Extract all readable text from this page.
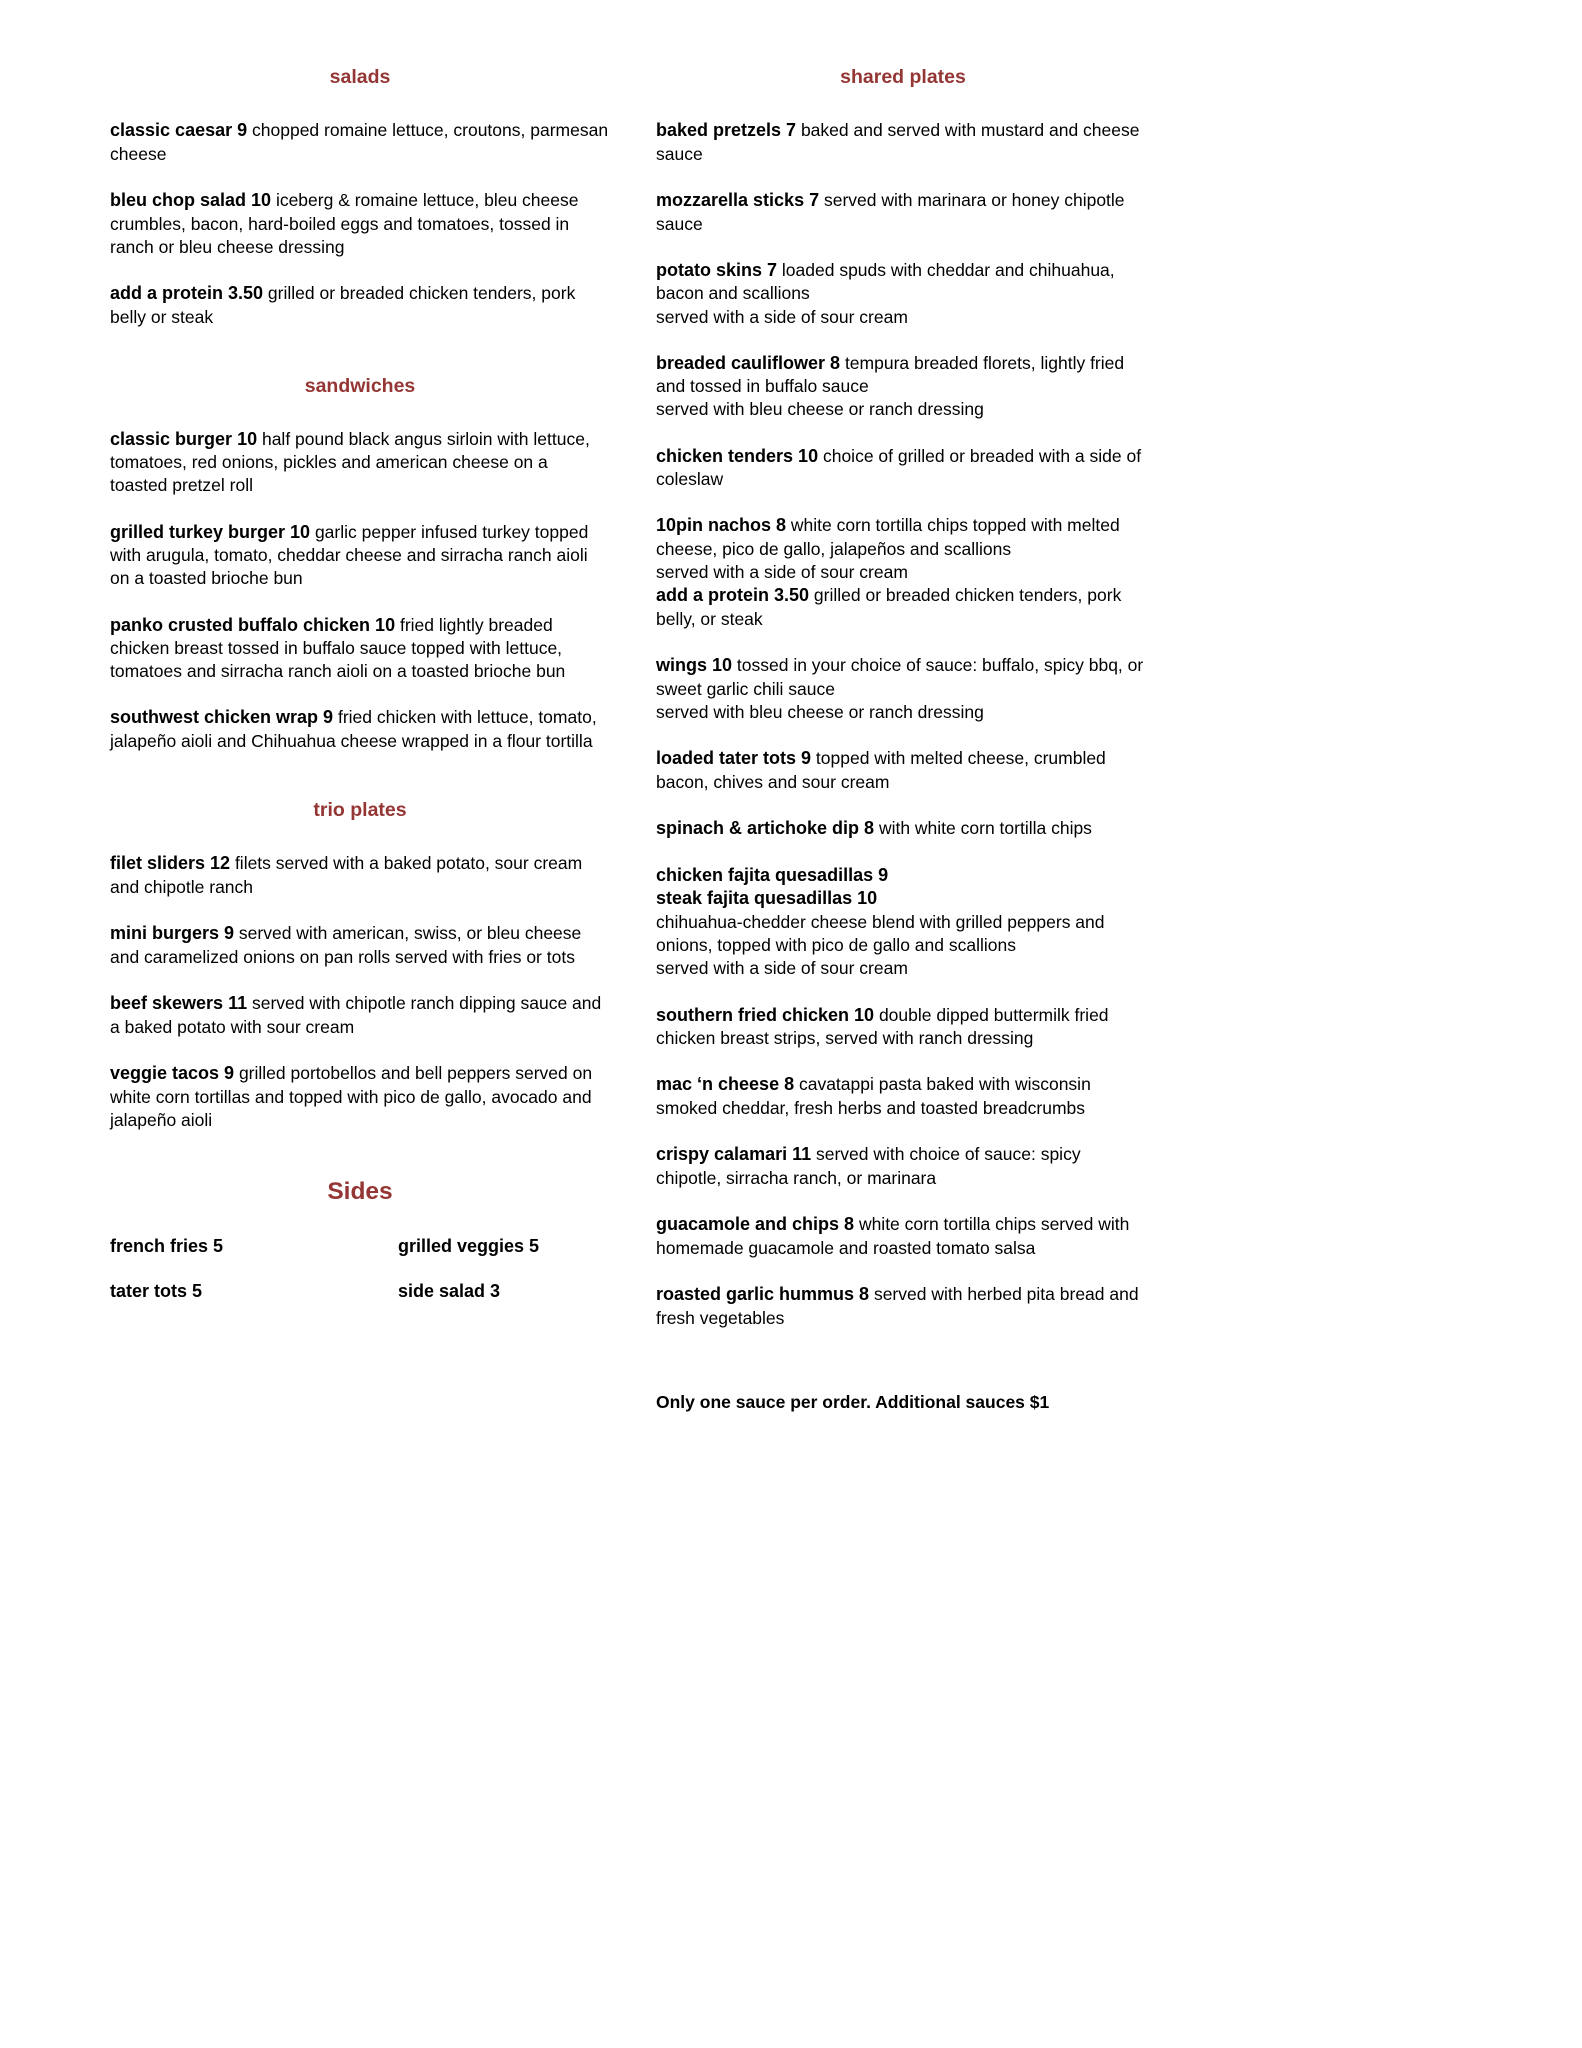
salads

classic caesar 9 chopped romaine lettuce, croutons, parmesan cheese

bleu chop salad 10 iceberg & romaine lettuce, bleu cheese crumbles, bacon, hard-boiled eggs and tomatoes, tossed in ranch or bleu cheese dressing

add a protein 3.50 grilled or breaded chicken tenders, pork belly or steak

sandwiches

classic burger 10 half pound black angus sirloin with lettuce, tomatoes, red onions, pickles and american cheese on a toasted pretzel roll

grilled turkey burger 10 garlic pepper infused turkey topped with arugula, tomato, cheddar cheese and sirracha ranch aioli on a toasted brioche bun

panko crusted buffalo chicken 10 fried lightly breaded chicken breast tossed in buffalo sauce topped with lettuce, tomatoes and sirracha ranch aioli on a toasted brioche bun

southwest chicken wrap 9 fried chicken with lettuce, tomato, jalapeño aioli and Chihuahua cheese wrapped in a flour tortilla

trio plates

filet sliders 12 filets served with a baked potato, sour cream and chipotle ranch

mini burgers 9 served with american, swiss, or bleu cheese and caramelized onions on pan rolls served with fries or tots

beef skewers 11 served with chipotle ranch dipping sauce and a baked potato with sour cream

veggie tacos 9 grilled portobellos and bell peppers served on white corn tortillas and topped with pico de gallo, avocado and jalapeño aioli

Sides

french fries 5	grilled veggies 5

tater tots 5	side salad 3

shared plates

baked pretzels 7 baked and served with mustard and cheese sauce

mozzarella sticks 7 served with marinara or honey chipotle sauce

potato skins 7 loaded spuds with cheddar and chihuahua, bacon and scallions
served with a side of sour cream

breaded cauliflower 8 tempura breaded florets, lightly fried and tossed in buffalo sauce
served with bleu cheese or ranch dressing

chicken tenders 10 choice of grilled or breaded with a side of coleslaw

10pin nachos 8 white corn tortilla chips topped with melted cheese, pico de gallo, jalapeños and scallions
served with a side of sour cream
add a protein 3.50 grilled or breaded chicken tenders, pork belly, or steak

wings 10 tossed in your choice of sauce: buffalo, spicy bbq, or sweet garlic chili sauce
served with bleu cheese or ranch dressing

loaded tater tots 9 topped with melted cheese, crumbled bacon, chives and sour cream

spinach & artichoke dip 8 with white corn tortilla chips

chicken fajita quesadillas 9
steak fajita quesadillas 10
chihuahua-chedder cheese blend with grilled peppers and onions, topped with pico de gallo and scallions
served with a side of sour cream

southern fried chicken 10 double dipped buttermilk fried chicken breast strips, served with ranch dressing

mac ‘n cheese 8 cavatappi pasta baked with wisconsin smoked cheddar, fresh herbs and toasted breadcrumbs

crispy calamari 11 served with choice of sauce: spicy chipotle, sirracha ranch, or marinara

guacamole and chips 8 white corn tortilla chips served with homemade guacamole and roasted tomato salsa

roasted garlic hummus 8 served with herbed pita bread and fresh vegetables

Only one sauce per order. Additional sauces $1
